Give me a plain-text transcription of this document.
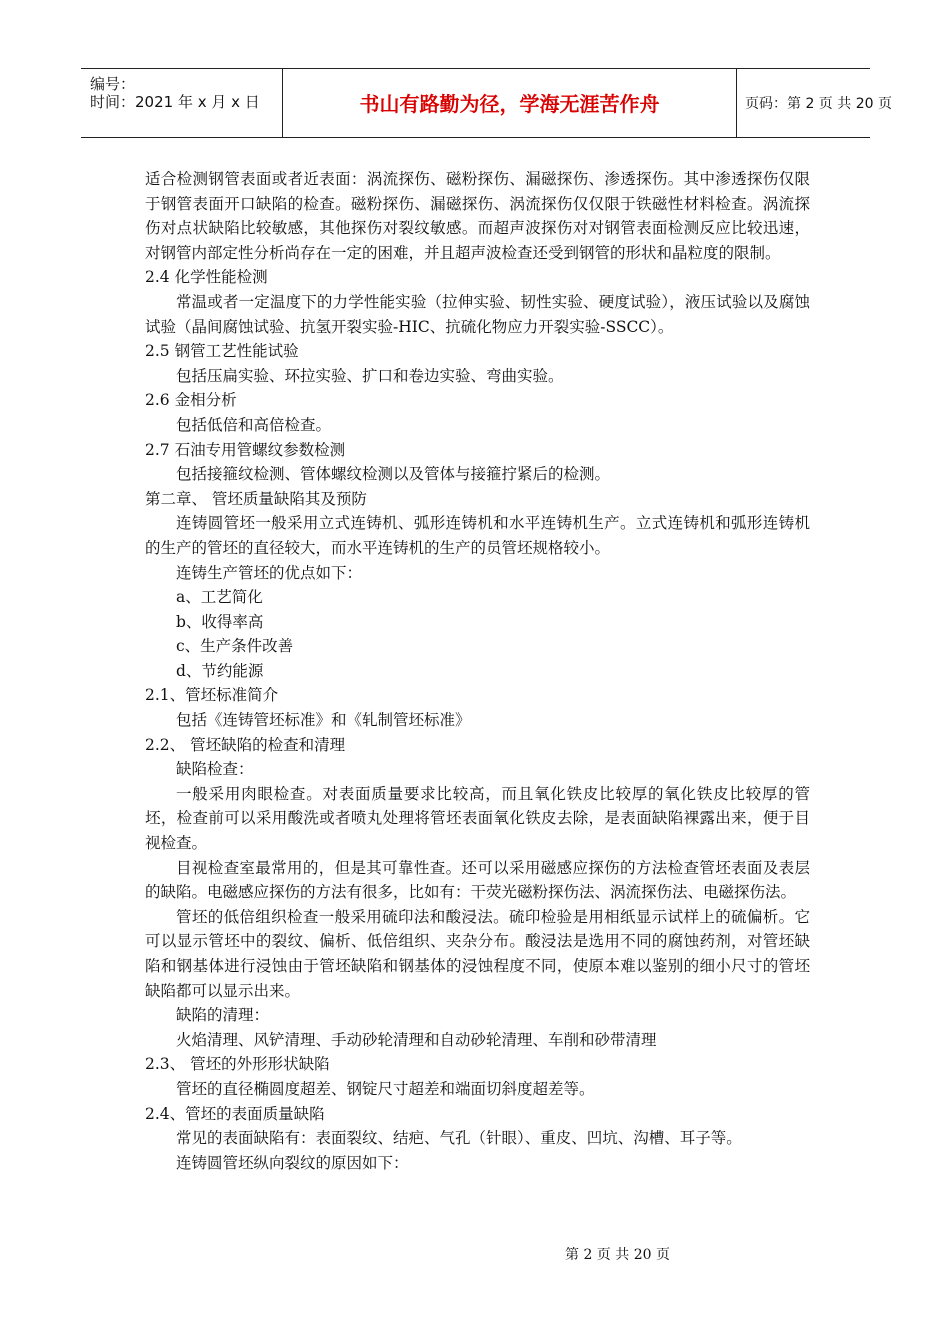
编号：
时间：2021 年 x 月 x 日	书山有路勤为径，学海无涯苦作舟	页码：第 2 页 共 20 页

适合检测钢管表面或者近表面：涡流探伤、磁粉探伤、漏磁探伤、渗透探伤。其中渗透探伤仅限于钢管表面开口缺陷的检查。磁粉探伤、漏磁探伤、涡流探伤仅仅限于铁磁性材料检查。涡流探伤对点状缺陷比较敏感，其他探伤对裂纹敏感。而超声波探伤对对钢管表面检测反应比较迅速，对钢管内部定性分析尚存在一定的困难，并且超声波检查还受到钢管的形状和晶粒度的限制。

2.4 化学性能检测

常温或者一定温度下的力学性能实验（拉伸实验、韧性实验、硬度试验），液压试验以及腐蚀试验（晶间腐蚀试验、抗氢开裂实验-HIC、抗硫化物应力开裂实验-SSCC）。

2.5 钢管工艺性能试验

包括压扁实验、环拉实验、扩口和卷边实验、弯曲实验。

2.6 金相分析

包括低倍和高倍检查。

2.7 石油专用管螺纹参数检测

包括接箍纹检测、管体螺纹检测以及管体与接箍拧紧后的检测。

第二章、 管坯质量缺陷其及预防

连铸圆管坯一般采用立式连铸机、弧形连铸机和水平连铸机生产。立式连铸机和弧形连铸机的生产的管坯的直径较大，而水平连铸机的生产的员管坯规格较小。

连铸生产管坯的优点如下：

a、工艺简化

b、收得率高

c、生产条件改善

d、节约能源

2.1、管坯标准简介

包括《连铸管坯标准》和《轧制管坯标准》

2.2、 管坯缺陷的检查和清理

缺陷检查：

一般采用肉眼检查。对表面质量要求比较高，而且氧化铁皮比较厚的氧化铁皮比较厚的管坯，检查前可以采用酸洗或者喷丸处理将管坯表面氧化铁皮去除，是表面缺陷裸露出来，便于目视检查。

目视检查室最常用的，但是其可靠性查。还可以采用磁感应探伤的方法检查管坯表面及表层的缺陷。电磁感应探伤的方法有很多，比如有：干荧光磁粉探伤法、涡流探伤法、电磁探伤法。

管坯的低倍组织检查一般采用硫印法和酸浸法。硫印检验是用相纸显示试样上的硫偏析。它可以显示管坯中的裂纹、偏析、低倍组织、夹杂分布。酸浸法是选用不同的腐蚀药剂，对管坯缺陷和钢基体进行浸蚀由于管坯缺陷和钢基体的浸蚀程度不同，使原本难以鉴别的细小尺寸的管坯缺陷都可以显示出来。

缺陷的清理：

火焰清理、风铲清理、手动砂轮清理和自动砂轮清理、车削和砂带清理

2.3、 管坯的外形形状缺陷

管坯的直径椭圆度超差、钢锭尺寸超差和端面切斜度超差等。

2.4、管坯的表面质量缺陷

常见的表面缺陷有：表面裂纹、结疤、气孔（针眼）、重皮、凹坑、沟槽、耳子等。

连铸圆管坯纵向裂纹的原因如下：

第 2 页 共 20 页
